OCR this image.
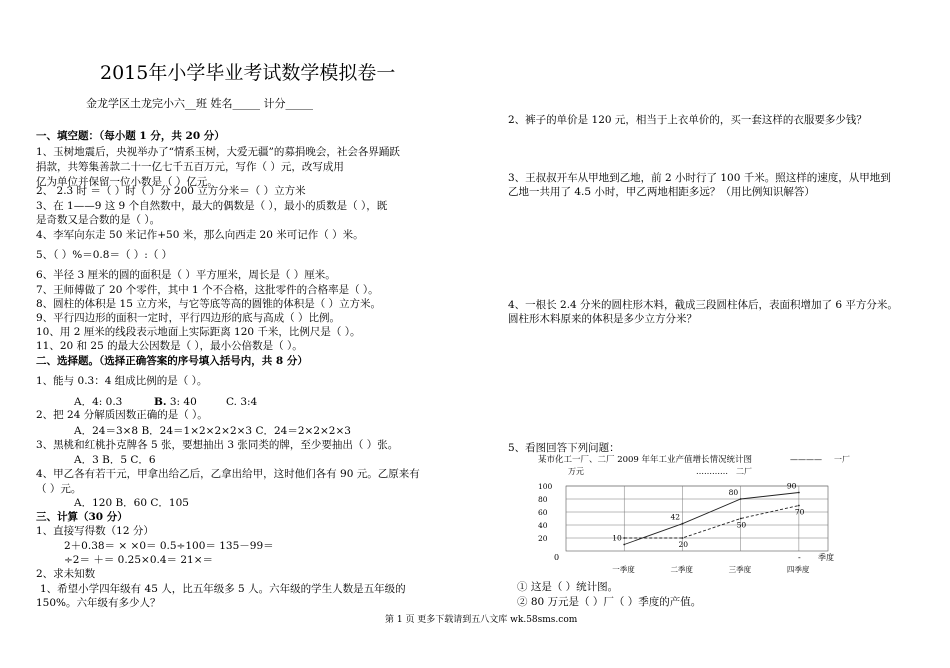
2015年小学毕业考试数学模拟卷一
金龙学区土龙完小六__班 姓名_____ 计分_____
一、填空题：（每小题 1 分，共 20 分）
1、玉树地震后，央视举办了“情系玉树，大爱无疆”的募捐晚会，社会各界踊跃
捐款，共筹集善款二十一亿七千五百万元，写作（ ）元，改写成用
亿为单位并保留一位小数是（ ）亿元。
2、 2.3 时 ＝（ ）时（ ）分 200 立方分米＝（ ）立方米
3、在 1——9 这 9 个自然数中，最大的偶数是（ ），最小的质数是（ ），既
是奇数又是合数的是（ ）。
4、李军向东走 50 米记作+50 米，那么向西走 20 米可记作（ ）米。
5、（ ）%＝0.8＝（ ）:（ ）
6、半径 3 厘米的圆的面积是（ ）平方厘米，周长是（ ）厘米。
7、王师傅做了 20 个零件，其中 1 个不合格，这批零件的合格率是（ ）。
8、圆柱的体积是 15 立方米，与它等底等高的圆锥的体积是（ ）立方米。
9、平行四边形的面积一定时，平行四边形的底与高成（ ）比例。
10、用 2 厘米的线段表示地面上实际距离 120 千米，比例尺是（ ）。
11、20 和 25 的最大公因数是（ ），最小公倍数是（ ）。
二、选择题。（选择正确答案的序号填入括号内，共 8 分）
1、能与 0.3：4 组成比例的是（ ）。
A．4: 0.3	B. 3: 40	C. 3:4
2、把 24 分解质因数正确的是（ ）。
A．24＝3×8 B．24＝1×2×2×2×3 C．24＝2×2×2×3
3、黑桃和红桃扑克牌各 5 张，要想抽出 3 张同类的牌，至少要抽出（ ）张。
A．3 B．5 C．6
4、甲乙各有若干元，甲拿出给乙后，乙拿出给甲，这时他们各有 90 元。乙原来有
（ ）元。
A．120 B．60 C．105
三、计算（30 分）
1、直接写得数（12 分）
2＋0.38＝ × ×0＝ 0.5÷100＝ 135－99＝
÷2＝ ＋＝ 0.25×0.4＝ 21×＝
2、求未知数
1、希望小学四年级有 45 人，比五年级多 5 人。六年级的学生人数是五年级的
150%。六年级有多少人？
2、裤子的单价是 120 元，相当于上衣单价的，买一套这样的衣服要多少钱？
3、王叔叔开车从甲地到乙地，前 2 小时行了 100 千米。照这样的速度，从甲地到
乙地一共用了 4.5 小时，甲乙两地相距多远？（用比例知识解答）
4、一根长 2.4 分米的圆柱形木料，截成三段圆柱体后，表面积增加了 6 平方分米。
圆柱形木料原来的体积是多少立方分米？
5、看图回答下列问题：
某市化工一厂、二厂 2009 年年工业产值增长情况统计图	———— 一厂
万元	………… 二厂
0	- 季度
20
40
60
80
100
一季度	二季度	三季度	四季度
10
42
80
90
20
50
70
① 这是（ ）统计图。
② 80 万元是（ ）厂（ ）季度的产值。
第 1 页 更多下载请到五八文库 wk.58sms.com
